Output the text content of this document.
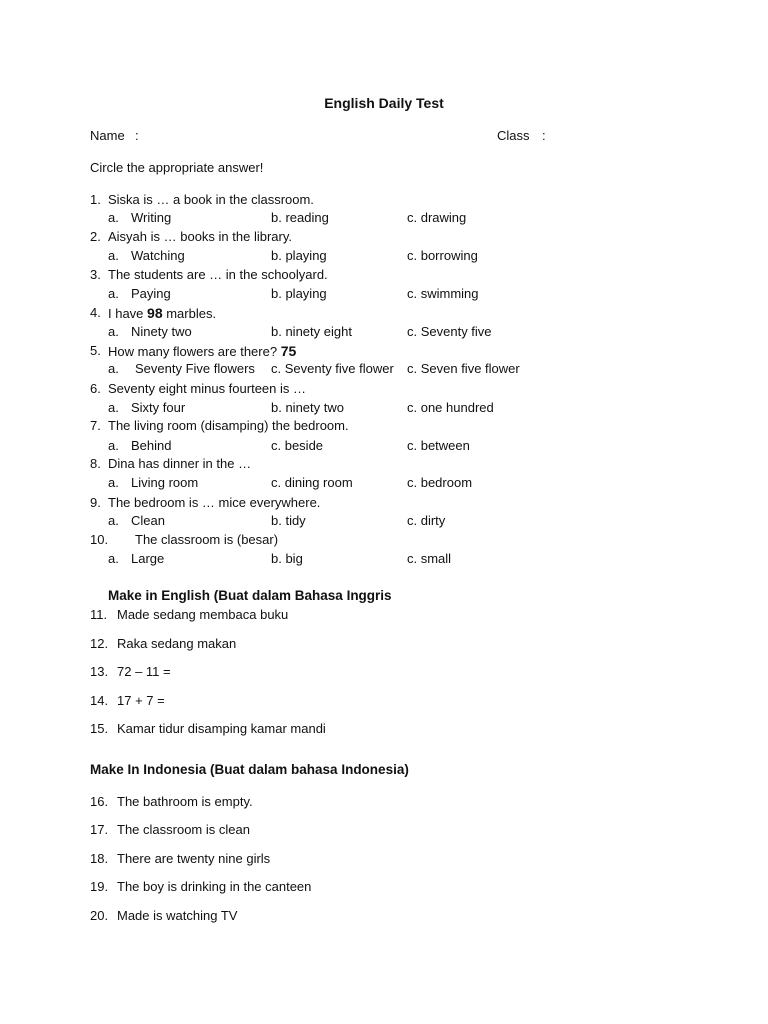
English Daily Test
Name :	Class :
Circle the appropriate answer!
1. Siska is … a book in the classroom.
a. Writing	b. reading	c. drawing
2. Aisyah is … books in the library.
a. Watching	b. playing	c. borrowing
3. The students are … in the schoolyard.
a. Paying	b. playing	c. swimming
4. I have 98 marbles.
a. Ninety two	b. ninety eight	c. Seventy five
5. How many flowers are there? 75
a. Seventy Five flowers c. Seventy five flower c. Seven five flower
6. Seventy eight minus fourteen is …
a. Sixty four	b. ninety two	c. one hundred
7. The living room (disamping) the bedroom.
a. Behind	c. beside	c. between
8. Dina has dinner in the …
a. Living room	c. dining room	c. bedroom
9. The bedroom is … mice everywhere.
a. Clean	b. tidy	c. dirty
10. The classroom is (besar)
a. Large	b. big	c. small
Make in English (Buat dalam Bahasa Inggris
11. Made sedang membaca buku
12. Raka sedang makan
13. 72 – 11 =
14. 17 + 7 =
15. Kamar tidur disamping kamar mandi
Make In Indonesia (Buat dalam bahasa Indonesia)
16. The bathroom is empty.
17. The classroom is clean
18. There are twenty nine girls
19. The boy is drinking in the canteen
20. Made is watching TV
